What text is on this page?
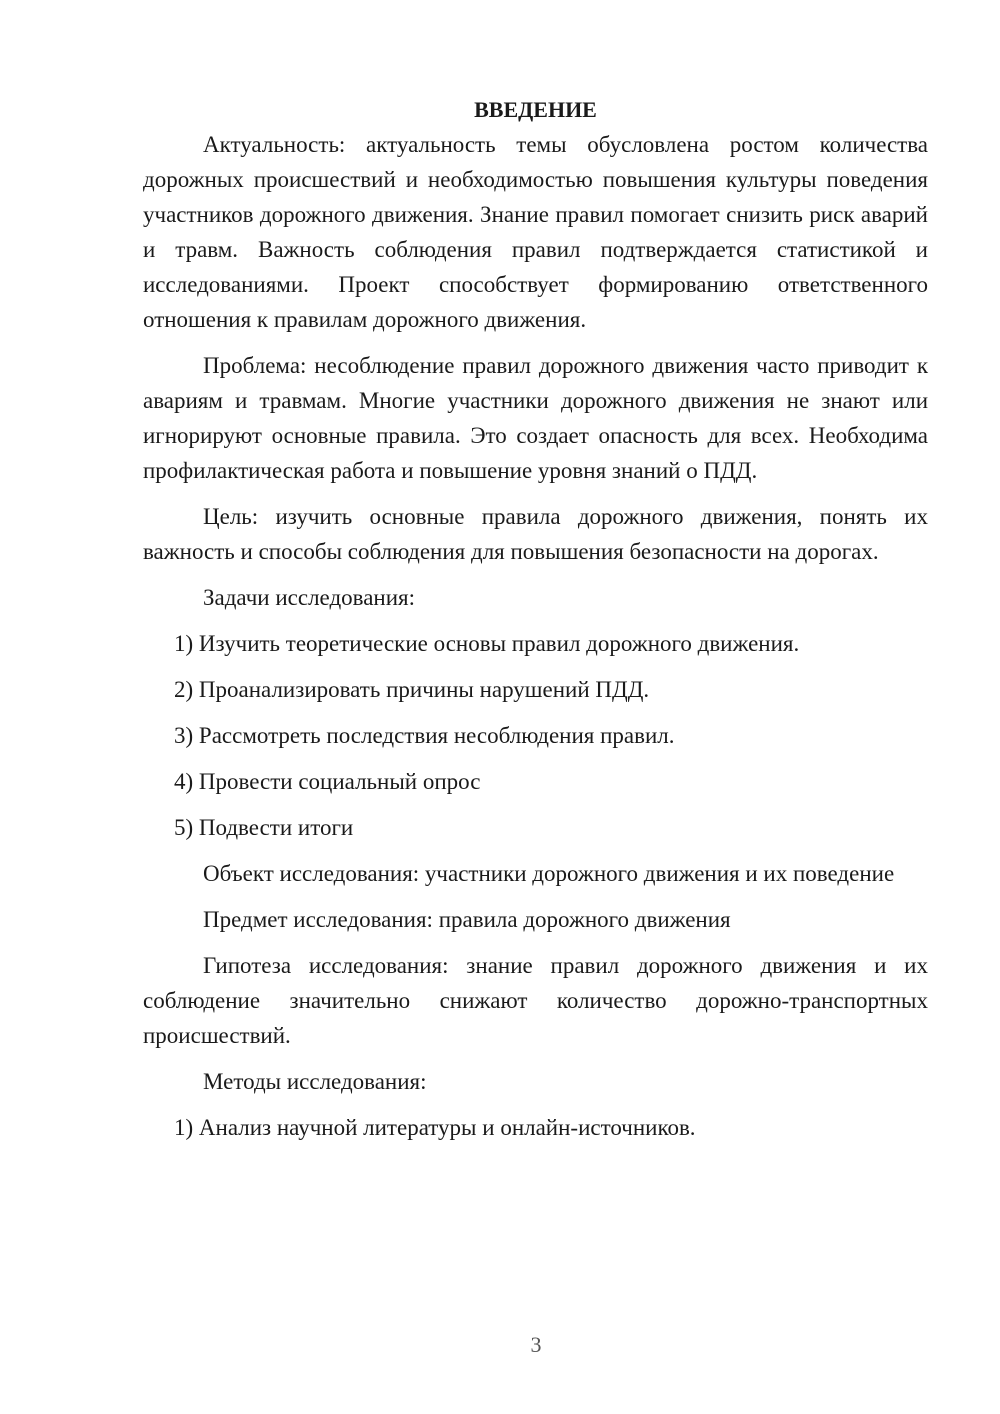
ВВЕДЕНИЕ

Актуальность: актуальность темы обусловлена ростом количества дорожных происшествий и необходимостью повышения культуры поведения участников дорожного движения. Знание правил помогает снизить риск аварий и травм. Важность соблюдения правил подтверждается статистикой и исследованиями. Проект способствует формированию ответственного отношения к правилам дорожного движения.

Проблема: несоблюдение правил дорожного движения часто приводит к авариям и травмам. Многие участники дорожного движения не знают или игнорируют основные правила. Это создает опасность для всех. Необходима профилактическая работа и повышение уровня знаний о ПДД.

Цель: изучить основные правила дорожного движения, понять их важность и способы соблюдения для повышения безопасности на дорогах.

Задачи исследования:

1) Изучить теоретические основы правил дорожного движения.
2) Проанализировать причины нарушений ПДД.
3) Рассмотреть последствия несоблюдения правил.
4) Провести социальный опрос
5) Подвести итоги

Объект исследования: участники дорожного движения и их поведение

Предмет исследования: правила дорожного движения

Гипотеза исследования: знание правил дорожного движения и их соблюдение значительно снижают количество дорожно-транспортных происшествий.

Методы исследования:

1) Анализ научной литературы и онлайн-источников.
3
